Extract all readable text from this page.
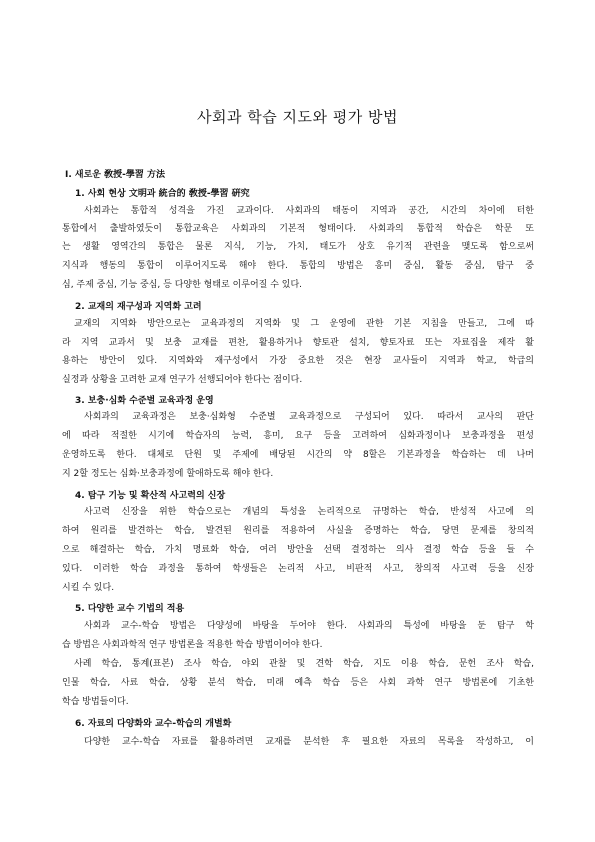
사회과 학습 지도와 평가 방법
Ⅰ. 새로운 敎授-學習 方法
1. 사회 현상 文明과 統合的 敎授-學習 硏究
사회과는 통합적 성격을 가진 교과이다. 사회과의 태동이 지역과 공간, 시간의 차이에 터한
통합에서 출발하였듯이 통합교육은 사회과의 기본적 형태이다. 사회과의 통합적 학습은 학문 또
는 생활 영역간의 통합은 물론 지식, 기능, 가치, 태도가 상호 유기적 관련을 맺도록 함으로써
지식과 행동의 통합이 이루어지도록 해야 한다. 통합의 방법은 흥미 중심, 활동 중심, 탐구 중
심, 주제 중심, 기능 중심, 등 다양한 형태로 이루어질 수 있다.
2. 교재의 재구성과 지역화 고려
교재의 지역화 방안으로는 교육과정의 지역화 및 그 운영에 관한 기본 지침을 만들고, 그에 따
라 지역 교과서 및 보충 교재를 편찬, 활용하거나 향토관 설치, 향토자료 또는 자료집을 제작 활
용하는 방안이 있다. 지역화와 재구성에서 가장 중요한 것은 현장 교사들이 지역과 학교, 학급의
실정과 상황을 고려한 교재 연구가 선행되어야 한다는 점이다.
3. 보충·심화 수준별 교육과정 운영
사회과의 교육과정은 보충·심화형 수준별 교육과정으로 구성되어 있다. 따라서 교사의 판단
에 따라 적절한 시기에 학습자의 능력, 흥미, 요구 등을 고려하여 심화과정이나 보충과정을 편성
운영하도록 한다. 대체로 단원 및 주제에 배당된 시간의 약 8할은 기본과정을 학습하는 데 나머
지 2할 정도는 심화·보충과정에 할애하도록 해야 한다.
4. 탐구 기능 및 확산적 사고력의 신장
사고력 신장을 위한 학습으로는 개념의 특성을 논리적으로 규명하는 학습, 반성적 사고에 의
하여 원리를 발견하는 학습, 발견된 원리를 적용하여 사실을 증명하는 학습, 당면 문제를 창의적
으로 해결하는 학습, 가치 명료화 학습, 여러 방안을 선택 결정하는 의사 결정 학습 등을 들 수
있다. 이러한 학습 과정을 통하여 학생들은 논리적 사고, 비판적 사고, 창의적 사고력 등을 신장
시킬 수 있다.
5. 다양한 교수 기법의 적용
사회과 교수-학습 방법은 다양성에 바탕을 두어야 한다. 사회과의 특성에 바탕을 둔 탐구 학
습 방법은 사회과학적 연구 방법론을 적용한 학습 방법이어야 한다.
사례 학습, 통계(표본) 조사 학습, 야외 관찰 및 견학 학습, 지도 이용 학습, 문헌 조사 학습,
인물 학습, 사료 학습, 상황 분석 학습, 미래 예측 학습 등은 사회 과학 연구 방법론에 기초한
학습 방법들이다.
6. 자료의 다양화와 교수-학습의 개별화
다양한 교수-학습 자료를 활용하려면 교재를 분석한 후 필요한 자료의 목록을 작성하고, 이
